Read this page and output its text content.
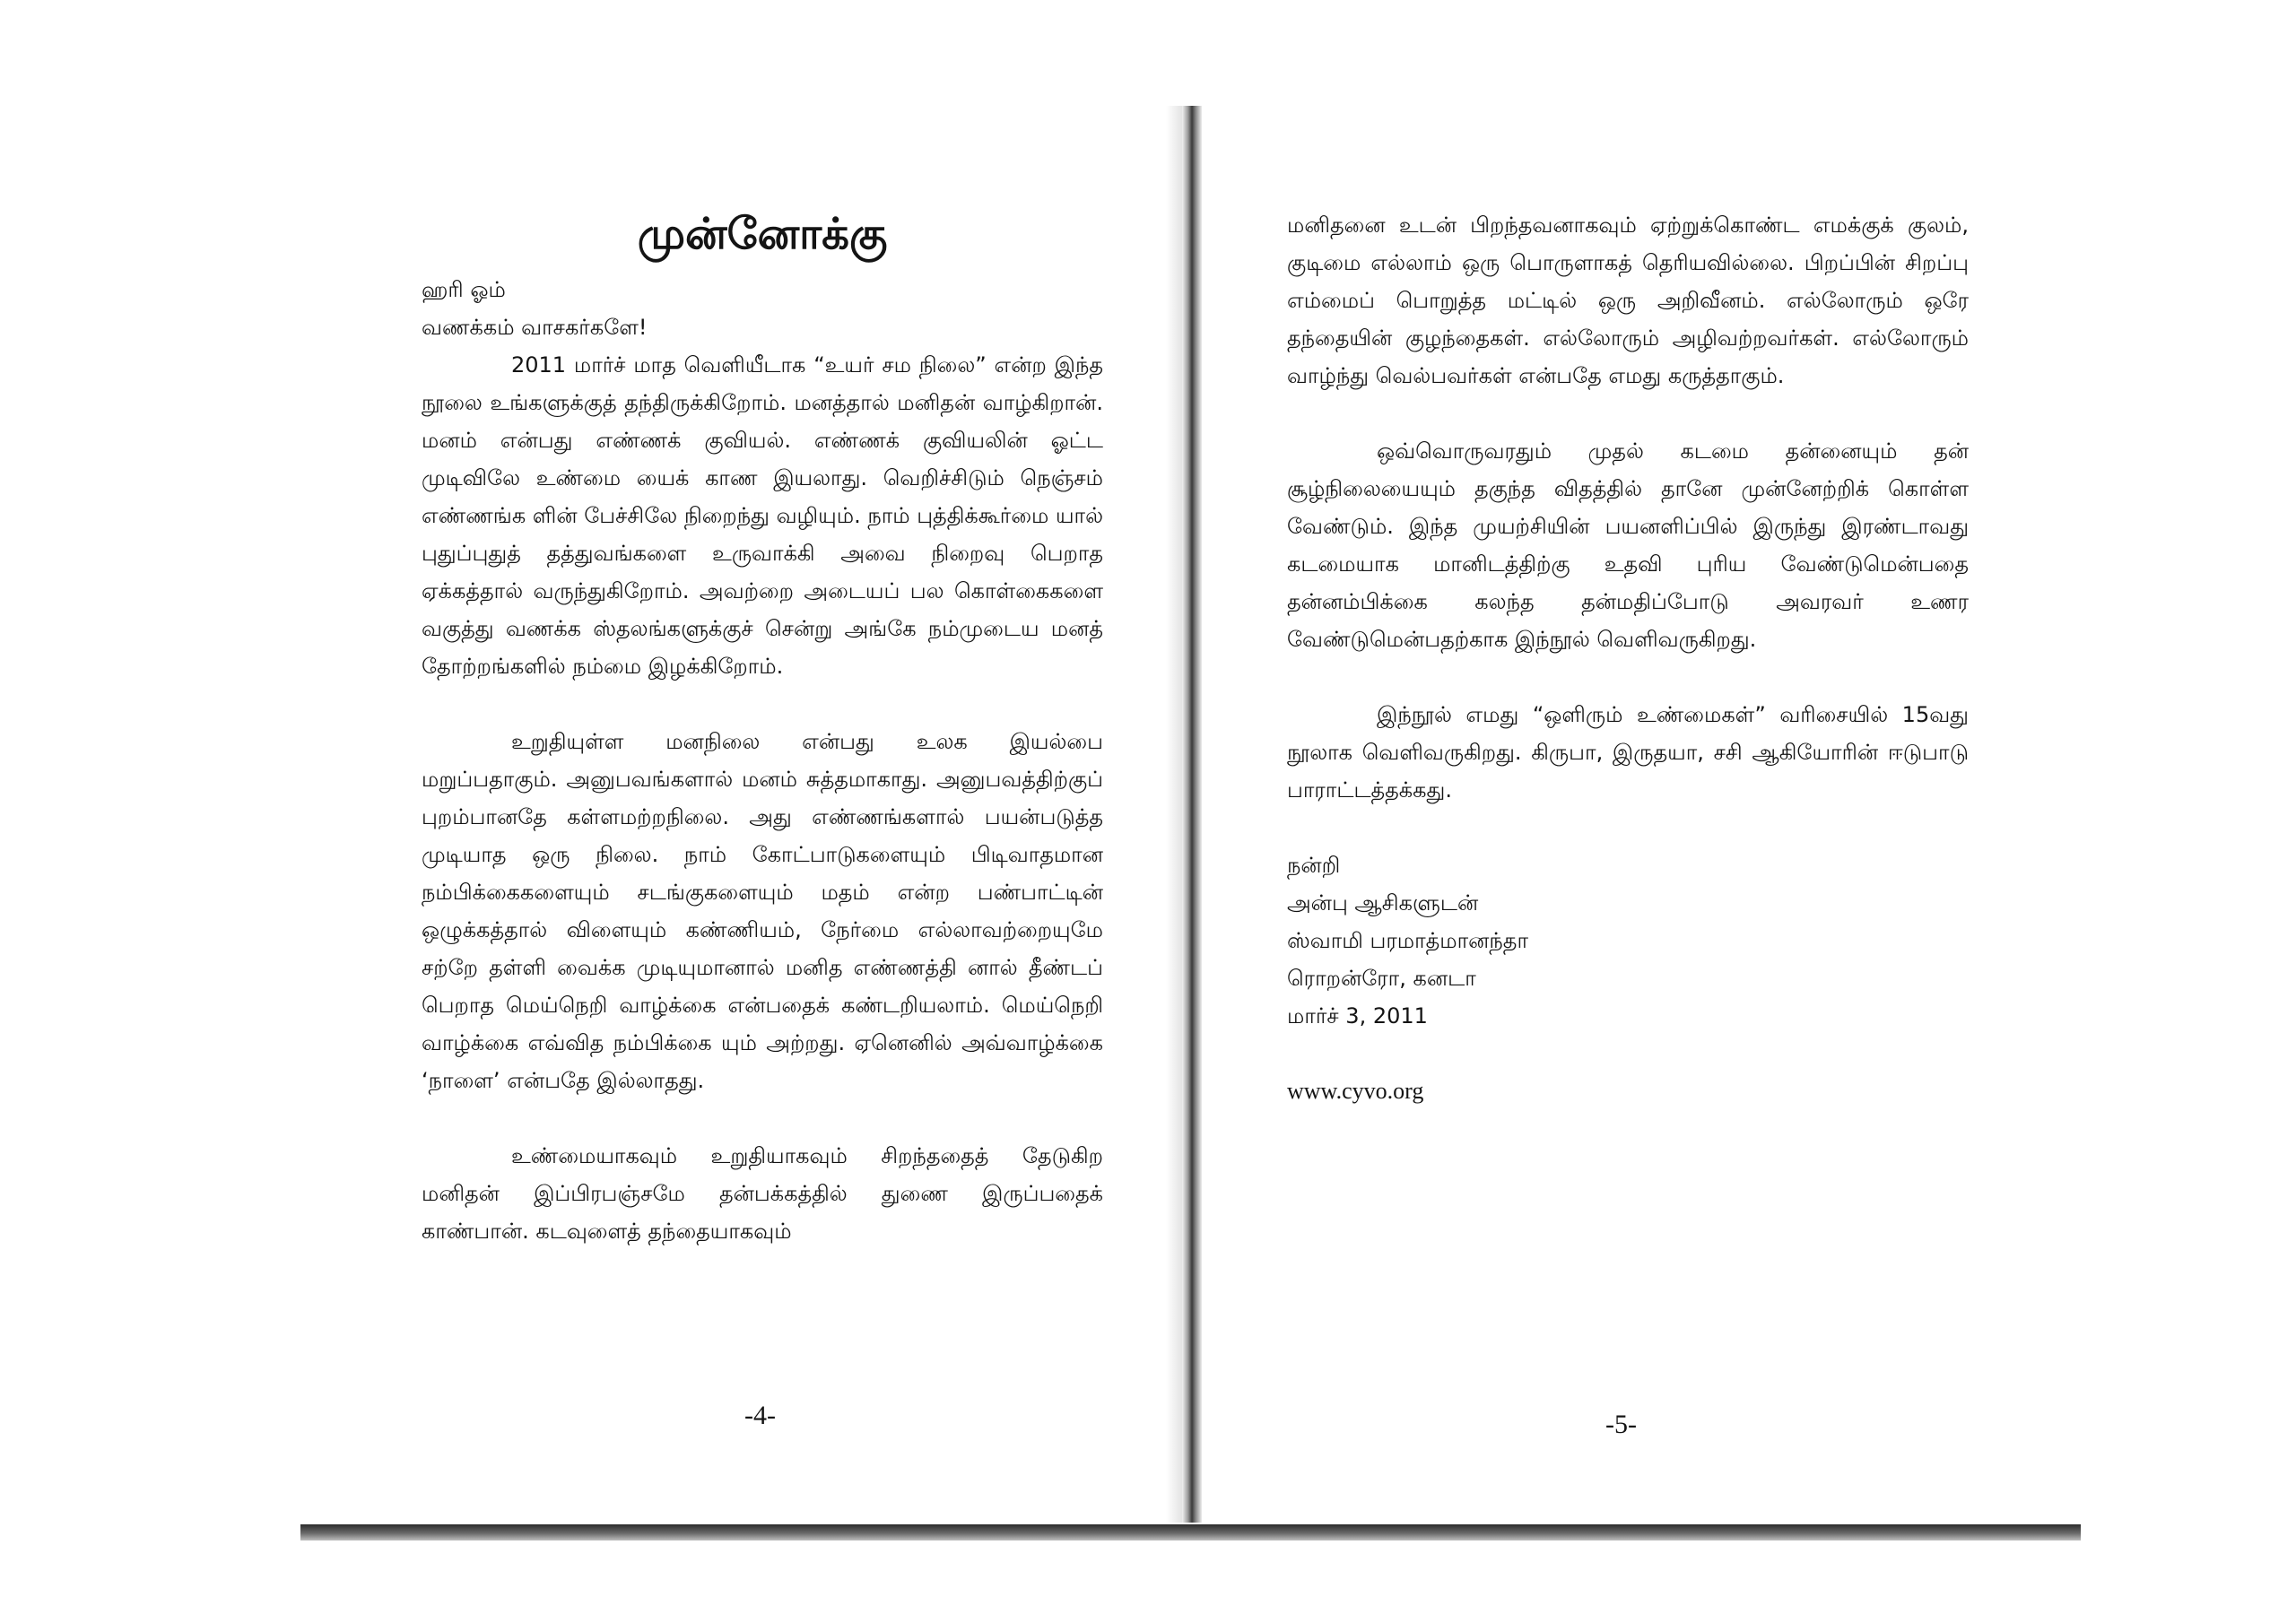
முன்னோக்கு
ஹரி ஓம்
வணக்கம் வாசகர்களே!

2011 மார்ச் மாத வெளியீடாக “உயர் சம நிலை” என்ற இந்த நூலை உங்களுக்குத் தந்திருக்கிறோம். மனத்தால் மனிதன் வாழ்கிறான். மனம் என்பது எண்ணக் குவியல். எண்ணக் குவியலின் ஓட்ட முடிவிலே உண்மை யைக் காண இயலாது. வெறிச்சிடும் நெஞ்சம் எண்ணங்க ளின் பேச்சிலே நிறைந்து வழியும். நாம் புத்திக்கூர்மை யால் புதுப்புதுத் தத்துவங்களை உருவாக்கி அவை நிறைவு பெறாத ஏக்கத்தால் வருந்துகிறோம். அவற்றை அடையப் பல கொள்கைகளை வகுத்து வணக்க ஸ்தலங்களுக்குச் சென்று அங்கே நம்முடைய மனத் தோற்றங்களில் நம்மை இழக்கிறோம்.

உறுதியுள்ள மனநிலை என்பது உலக இயல்பை மறுப்பதாகும். அனுபவங்களால் மனம் சுத்தமாகாது. அனுபவத்திற்குப் புறம்பானதே கள்ளமற்றநிலை. அது எண்ணங்களால் பயன்படுத்த முடியாத ஒரு நிலை. நாம் கோட்பாடுகளையும் பிடிவாதமான நம்பிக்கைகளையும் சடங்குகளையும் மதம் என்ற பண்பாட்டின் ஒழுக்கத்தால் விளையும் கண்ணியம், நேர்மை எல்லாவற்றையுமே சற்றே தள்ளி வைக்க முடியுமானால் மனித எண்ணத்தி னால் தீண்டப் பெறாத மெய்நெறி வாழ்க்கை என்பதைக் கண்டறியலாம். மெய்நெறி வாழ்க்கை எவ்வித நம்பிக்கை யும் அற்றது. ஏனெனில் அவ்வாழ்க்கை ‘நாளை’ என்பதே இல்லாதது.

உண்மையாகவும் உறுதியாகவும் சிறந்ததைத் தேடுகிற மனிதன் இப்பிரபஞ்சமே தன்பக்கத்தில் துணை இருப்பதைக் காண்பான். கடவுளைத் தந்தையாகவும்

-4-

மனிதனை உடன் பிறந்தவனாகவும் ஏற்றுக்கொண்ட எமக்குக் குலம், குடிமை எல்லாம் ஒரு பொருளாகத் தெரியவில்லை. பிறப்பின் சிறப்பு எம்மைப் பொறுத்த மட்டில் ஒரு அறிவீனம். எல்லோரும் ஒரே தந்தையின் குழந்தைகள். எல்லோரும் அழிவற்றவர்கள். எல்லோரும் வாழ்ந்து வெல்பவர்கள் என்பதே எமது கருத்தாகும்.

ஒவ்வொருவரதும் முதல் கடமை தன்னையும் தன் சூழ்நிலையையும் தகுந்த விதத்தில் தானே முன்னேற்றிக் கொள்ள வேண்டும். இந்த முயற்சியின் பயனளிப்பில் இருந்து இரண்டாவது கடமையாக மானிடத்திற்கு உதவி புரிய வேண்டுமென்பதை தன்னம்பிக்கை கலந்த தன்மதிப்போடு அவரவர் உணர வேண்டுமென்பதற்காக இந்நூல் வெளிவருகிறது.

இந்நூல் எமது “ஒளிரும் உண்மைகள்” வரிசையில் 15வது நூலாக வெளிவருகிறது. கிருபா, இருதயா, சசி ஆகியோரின் ஈடுபாடு பாராட்டத்தக்கது.

நன்றி
அன்பு ஆசிகளுடன்
ஸ்வாமி பரமாத்மானந்தா
ரொறன்ரோ, கனடா
மார்ச் 3, 2011
www.cyvo.org
-5-
